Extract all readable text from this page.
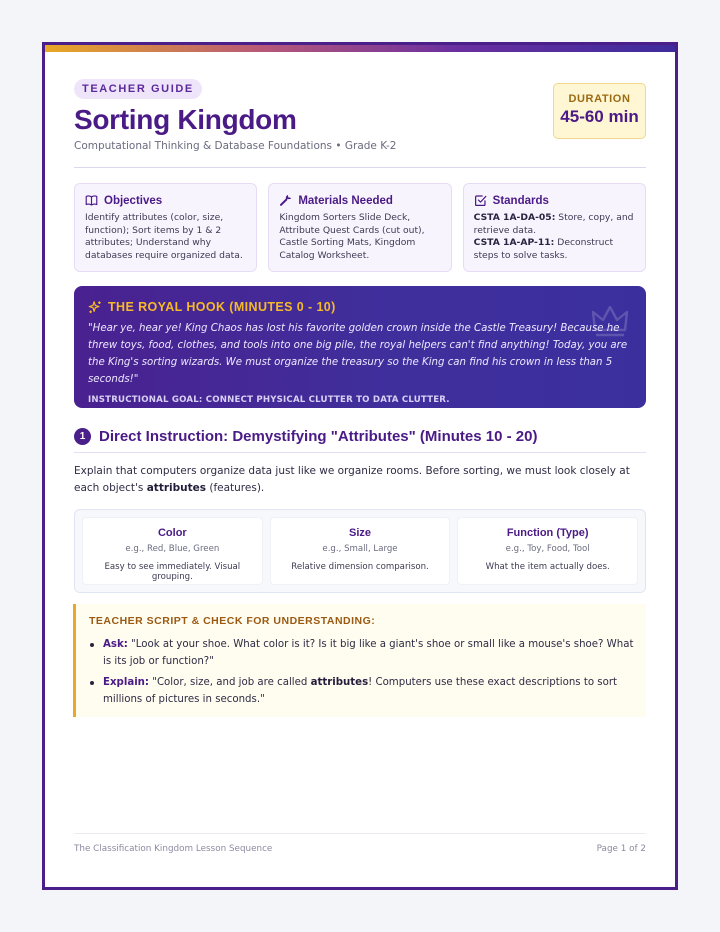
TEACHER GUIDE
Sorting Kingdom
Computational Thinking & Database Foundations • Grade K-2
DURATION
45-60 min
Objectives
Identify attributes (color, size, function); Sort items by 1 & 2 attributes; Understand why databases require organized data.
Materials Needed
Kingdom Sorters Slide Deck, Attribute Quest Cards (cut out), Castle Sorting Mats, Kingdom Catalog Worksheet.
Standards
CSTA 1A-DA-05: Store, copy, and retrieve data.
CSTA 1A-AP-11: Deconstruct steps to solve tasks.
THE ROYAL HOOK (MINUTES 0 - 10)
"Hear ye, hear ye! King Chaos has lost his favorite golden crown inside the Castle Treasury! Because he threw toys, food, clothes, and tools into one big pile, the royal helpers can't find anything! Today, you are the King's sorting wizards. We must organize the treasury so the King can find his crown in less than 5 seconds!"
INSTRUCTIONAL GOAL: CONNECT PHYSICAL CLUTTER TO DATA CLUTTER.
1 Direct Instruction: Demystifying "Attributes" (Minutes 10 - 20)

Explain that computers organize data just like we organize rooms. Before sorting, we must look closely at each object's attributes (features).

Color
e.g., Red, Blue, Green
Easy to see immediately. Visual grouping.
Size
e.g., Small, Large
Relative dimension comparison.
Function (Type)
e.g., Toy, Food, Tool
What the item actually does.
TEACHER SCRIPT & CHECK FOR UNDERSTANDING:
Ask: "Look at your shoe. What color is it? Is it big like a giant's shoe or small like a mouse's shoe? What is its job or function?"
Explain: "Color, size, and job are called attributes! Computers use these exact descriptions to sort millions of pictures in seconds."
The Classification Kingdom Lesson Sequence	Page 1 of 2
